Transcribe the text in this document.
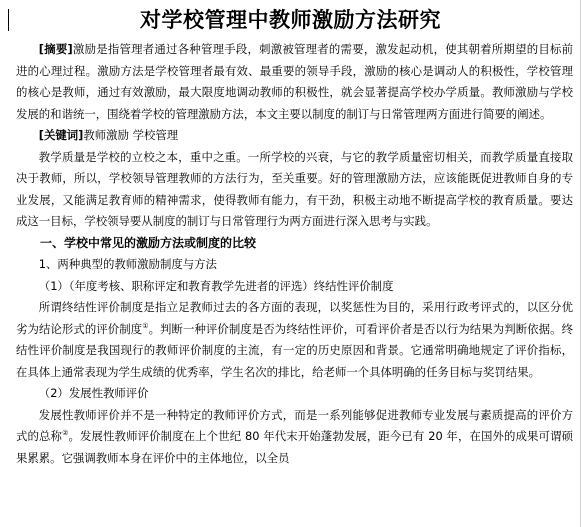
对学校管理中教师激励方法研究

[摘要]激励是指管理者通过各种管理手段，刺激被管理者的需要，激发起动机，使其朝着所期望的目标前进的心理过程。激励方法是学校管理者最有效、最重要的领导手段，激励的核心是调动人的积极性，学校管理的核心是教师，通过有效激励，最大限度地调动教师的积极性，就会显著提高学校办学质量。教师激励与学校发展的和谐统一，围绕着学校的管理激励方法，本文主要以制度的制订与日常管理两方面进行简要的阐述。

[关键词]教师激励 学校管理

教学质量是学校的立校之本，重中之重。一所学校的兴衰，与它的教学质量密切相关，而教学质量直接取决于教师，所以，学校领导管理教师的方法行为，至关重要。好的管理激励方法，应该能既促进教师自身的专业发展，又能满足教育师的精神需求，使得教师有能力，有干劲，积极主动地不断提高学校的教育质量。要达成这一目标，学校领导要从制度的制订与日常管理行为两方面进行深入思考与实践。

一、学校中常见的激励方法或制度的比较

1、两种典型的教师激励制度与方法

（1）（年度考核、职称评定和教育教学先进者的评选）终结性评价制度

所谓终结性评价制度是指立足教师过去的各方面的表现，以奖惩性为目的，采用行政考评式的，以区分优劣为结论形式的评价制度①。判断一种评价制度是否为终结性评价，可看评价者是否以行为结果为判断依据。终结性评价制度是我国现行的教师评价制度的主流，有一定的历史原因和背景。它通常明确地规定了评价指标，在具体上通常表现为学生成绩的优秀率，学生名次的排比，给老师一个具体明确的任务目标与奖罚结果。

（2）发展性教师评价

发展性教师评价并不是一种特定的教师评价方式，而是一系列能够促进教师专业发展与素质提高的评价方式的总称②。发展性教师评价制度在上个世纪 80 年代末开始蓬勃发展，距今已有 20 年，在国外的成果可谓硕果累累。它强调教师本身在评价中的主体地位，以全员
